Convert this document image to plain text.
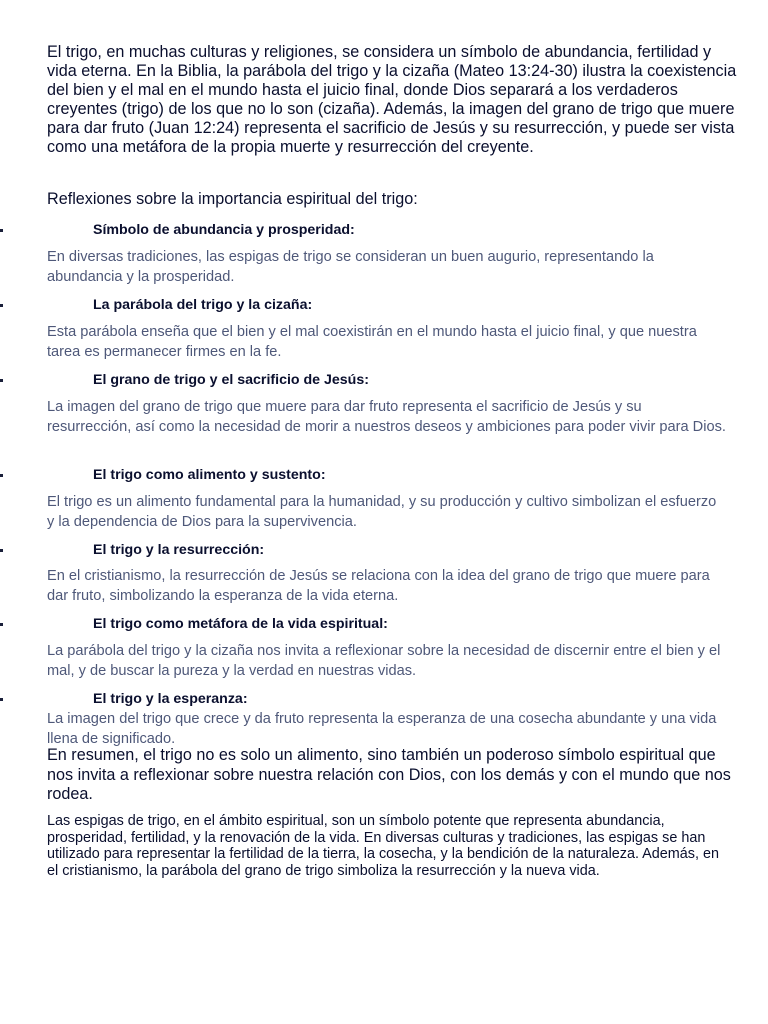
El trigo, en muchas culturas y religiones, se considera un símbolo de abundancia, fertilidad y vida eterna. En la Biblia, la parábola del trigo y la cizaña (Mateo 13:24-30) ilustra la coexistencia del bien y el mal en el mundo hasta el juicio final, donde Dios separará a los verdaderos creyentes (trigo) de los que no lo son (cizaña). Además, la imagen del grano de trigo que muere para dar fruto (Juan 12:24) representa el sacrificio de Jesús y su resurrección, y puede ser vista como una metáfora de la propia muerte y resurrección del creyente.

Reflexiones sobre la importancia espiritual del trigo:
Símbolo de abundancia y prosperidad:

En diversas tradiciones, las espigas de trigo se consideran un buen augurio, representando la abundancia y la prosperidad.

La parábola del trigo y la cizaña:

Esta parábola enseña que el bien y el mal coexistirán en el mundo hasta el juicio final, y que nuestra tarea es permanecer firmes en la fe.

El grano de trigo y el sacrificio de Jesús:

La imagen del grano de trigo que muere para dar fruto representa el sacrificio de Jesús y su resurrección, así como la necesidad de morir a nuestros deseos y ambiciones para poder vivir para Dios.

El trigo como alimento y sustento:

El trigo es un alimento fundamental para la humanidad, y su producción y cultivo simbolizan el esfuerzo y la dependencia de Dios para la supervivencia.

El trigo y la resurrección:

En el cristianismo, la resurrección de Jesús se relaciona con la idea del grano de trigo que muere para dar fruto, simbolizando la esperanza de la vida eterna.

El trigo como metáfora de la vida espiritual:

La parábola del trigo y la cizaña nos invita a reflexionar sobre la necesidad de discernir entre el bien y el mal, y de buscar la pureza y la verdad en nuestras vidas.

El trigo y la esperanza:

La imagen del trigo que crece y da fruto representa la esperanza de una cosecha abundante y una vida llena de significado.

En resumen, el trigo no es solo un alimento, sino también un poderoso símbolo espiritual que nos invita a reflexionar sobre nuestra relación con Dios, con los demás y con el mundo que nos rodea.

Las espigas de trigo, en el ámbito espiritual, son un símbolo potente que representa abundancia, prosperidad, fertilidad, y la renovación de la vida. En diversas culturas y tradiciones, las espigas se han utilizado para representar la fertilidad de la tierra, la cosecha, y la bendición de la naturaleza. Además, en el cristianismo, la parábola del grano de trigo simboliza la resurrección y la nueva vida.
